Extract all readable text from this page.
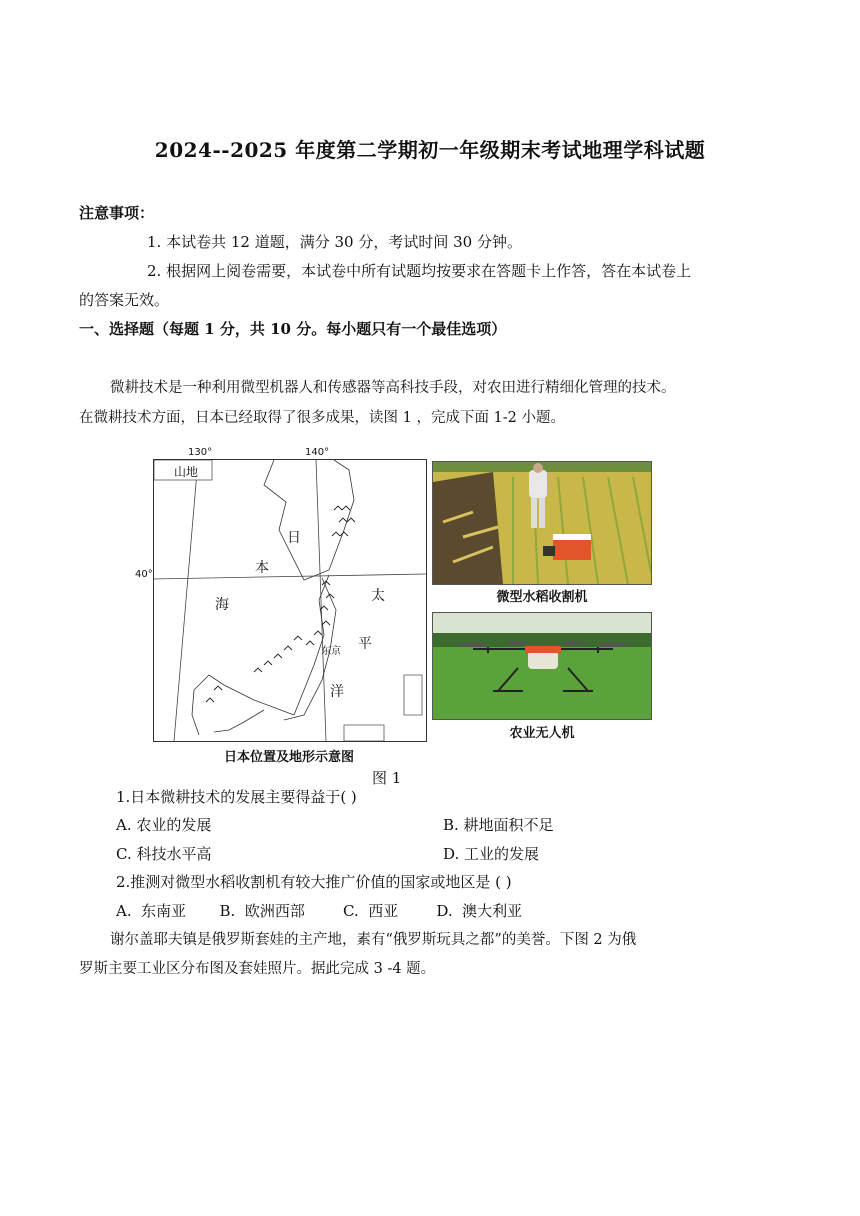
2024--2025 年度第二学期初一年级期末考试地理学科试题
注意事项：
1. 本试卷共 12 道题，满分 30 分，考试时间 30 分钟。
2. 根据网上阅卷需要，本试卷中所有试题均按要求在答题卡上作答，答在本试卷上
的答案无效。
一、选择题（每题 1 分，共 10 分。每小题只有一个最佳选项）
微耕技术是一种利用微型机器人和传感器等高科技手段，对农田进行精细化管理的技术。
在微耕技术方面，日本已经取得了很多成果，读图 1 ，完成下面 1-2 小题。
130°	140°
40°
山地
日
本
海
太
平
洋
东京
日本位置及地形示意图
微型水稻收割机
农业无人机
图 1
1.日本微耕技术的发展主要得益于( )
A. 农业的发展	B. 耕地面积不足
C. 科技水平高	D. 工业的发展
2.推测对微型水稻收割机有较大推广价值的国家或地区是 ( )
A.  东南亚       B.  欧洲西部        C.  西亚        D.  澳大利亚
谢尔盖耶夫镇是俄罗斯套娃的主产地，素有“俄罗斯玩具之都”的美誉。下图 2 为俄
罗斯主要工业区分布图及套娃照片。据此完成 3 -4 题。
